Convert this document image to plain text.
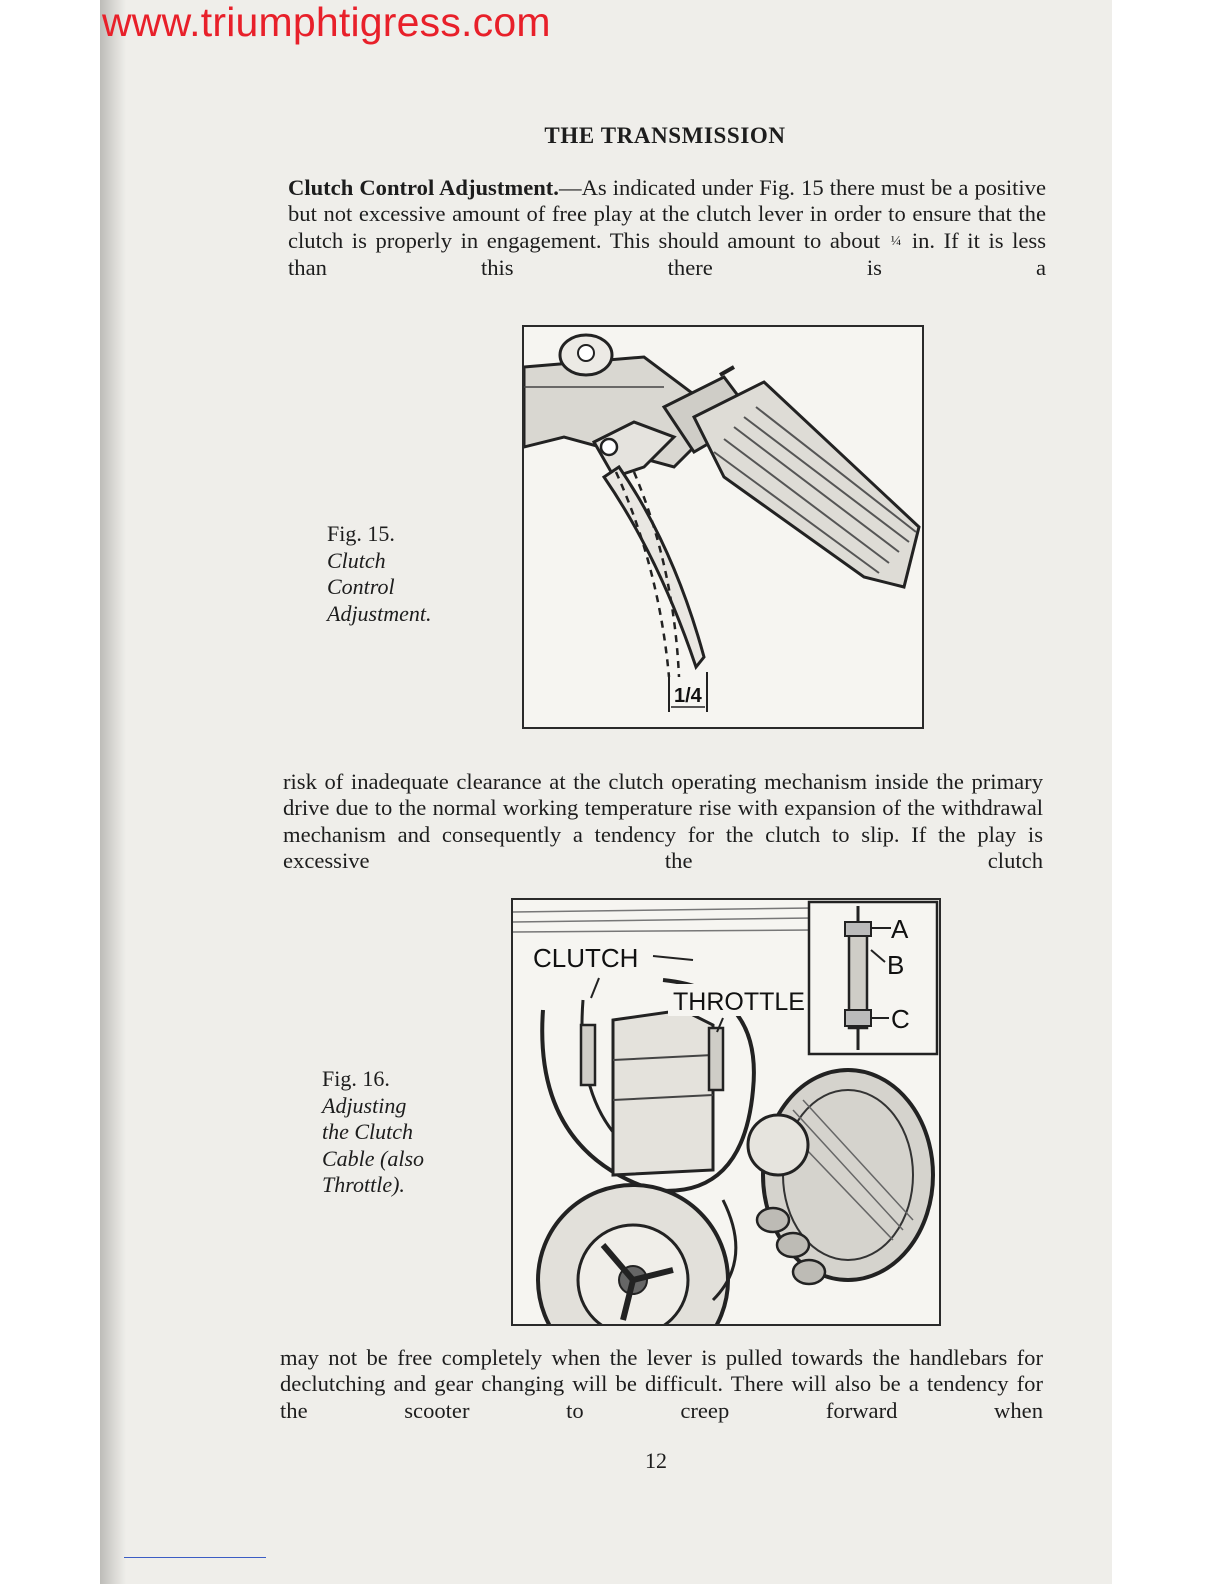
www.triumphtigress.com
THE TRANSMISSION

Clutch Control Adjustment.—As indicated under Fig. 15 there must be a positive but not excessive amount of free play at the clutch lever in order to ensure that the clutch is properly in engagement. This should amount to about ¼ in. If it is less than this there is a

Fig. 15.
Clutch
Control
Adjustment.
1/4

risk of inadequate clearance at the clutch operating mechanism inside the primary drive due to the normal working temperature rise with expansion of the withdrawal mechanism and consequently a tendency for the clutch to slip. If the play is excessive the clutch

Fig. 16.
Adjusting
the Clutch
Cable (also
Throttle).
A
B
C
CLUTCH
THROTTLE

may not be free completely when the lever is pulled towards the handlebars for declutching and gear changing will be difficult. There will also be a tendency for the scooter to creep forward when

12
